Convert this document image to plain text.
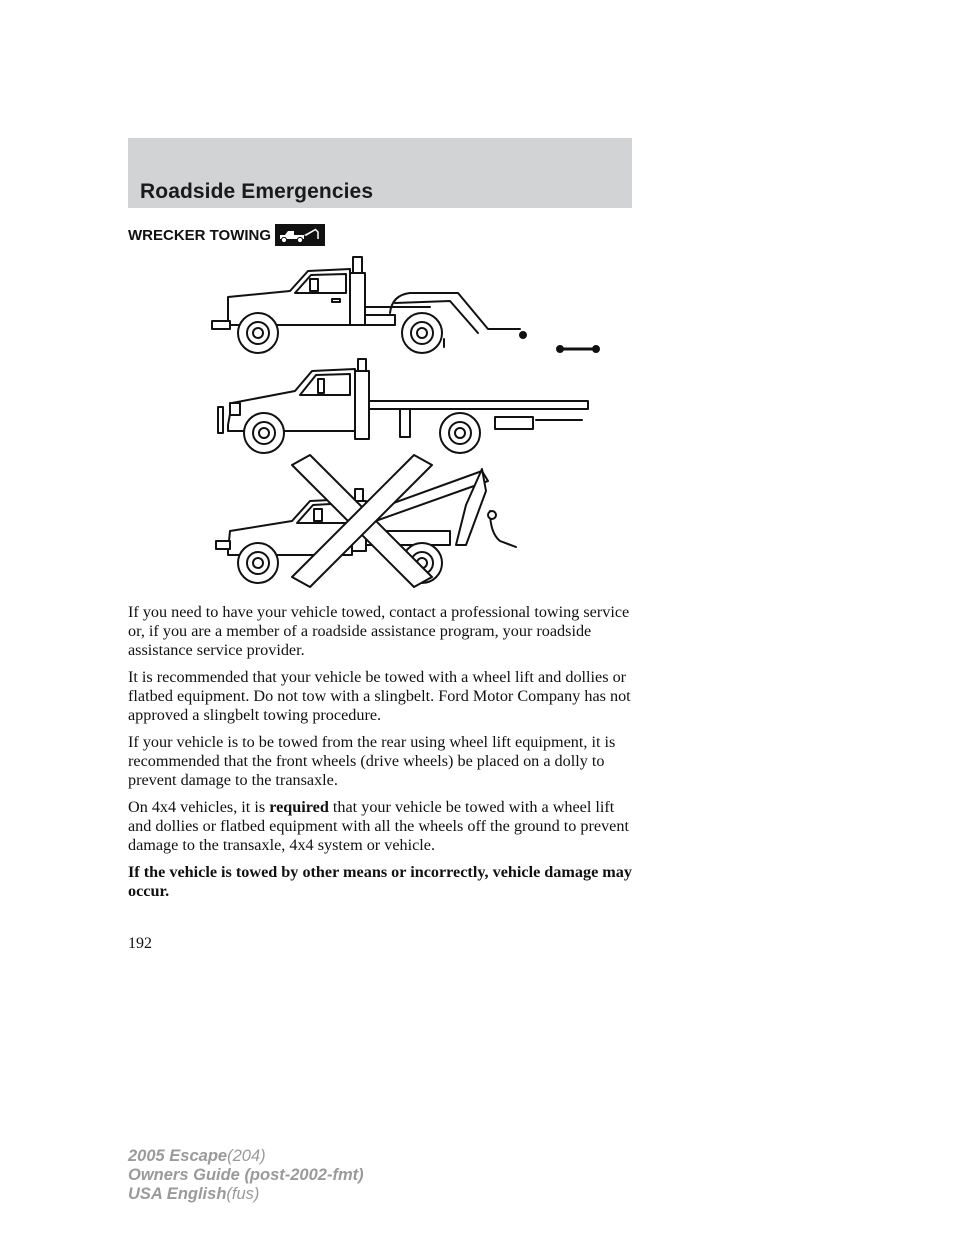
Roadside Emergencies
WRECKER TOWING

If you need to have your vehicle towed, contact a professional towing service or, if you are a member of a roadside assistance program, your roadside assistance service provider.

It is recommended that your vehicle be towed with a wheel lift and dollies or flatbed equipment. Do not tow with a slingbelt. Ford Motor Company has not approved a slingbelt towing procedure.

If your vehicle is to be towed from the rear using wheel lift equipment, it is recommended that the front wheels (drive wheels) be placed on a dolly to prevent damage to the transaxle.

On 4x4 vehicles, it is required that your vehicle be towed with a wheel lift and dollies or flatbed equipment with all the wheels off the ground to prevent damage to the transaxle, 4x4 system or vehicle.

If the vehicle is towed by other means or incorrectly, vehicle damage may occur.

192

2005 Escape(204)
Owners Guide (post-2002-fmt)
USA English(fus)
